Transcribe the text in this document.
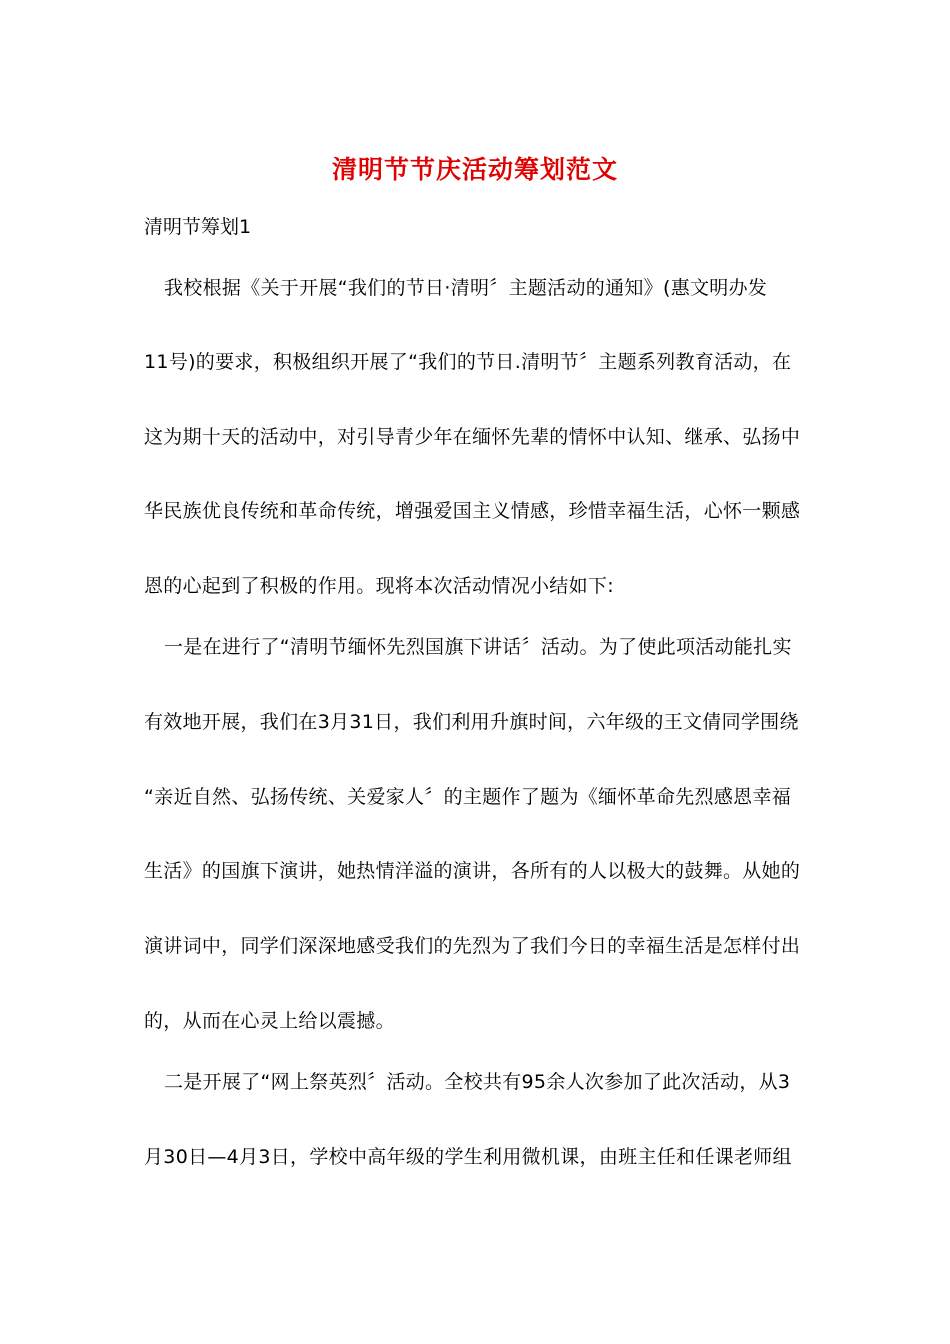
清明节节庆活动筹划范文
清明节筹划1
我校根据《关于开展“我们的节日·清明〞主题活动的通知》(惠文明办发
11号)的要求，积极组织开展了“我们的节日.清明节〞主题系列教育活动，在
这为期十天的活动中，对引导青少年在缅怀先辈的情怀中认知、继承、弘扬中
华民族优良传统和革命传统，增强爱国主义情感，珍惜幸福生活，心怀一颗感
恩的心起到了积极的作用。现将本次活动情况小结如下:
一是在进行了“清明节缅怀先烈国旗下讲话〞活动。为了使此项活动能扎实
有效地开展，我们在3月31日，我们利用升旗时间，六年级的王文倩同学围绕
“亲近自然、弘扬传统、关爱家人〞的主题作了题为《缅怀革命先烈感恩幸福
生活》的国旗下演讲，她热情洋溢的演讲，各所有的人以极大的鼓舞。从她的
演讲词中，同学们深深地感受我们的先烈为了我们今日的幸福生活是怎样付出
的，从而在心灵上给以震撼。
二是开展了“网上祭英烈〞活动。全校共有95余人次参加了此次活动，从3
月30日—4月3日，学校中高年级的学生利用微机课，由班主任和任课老师组
